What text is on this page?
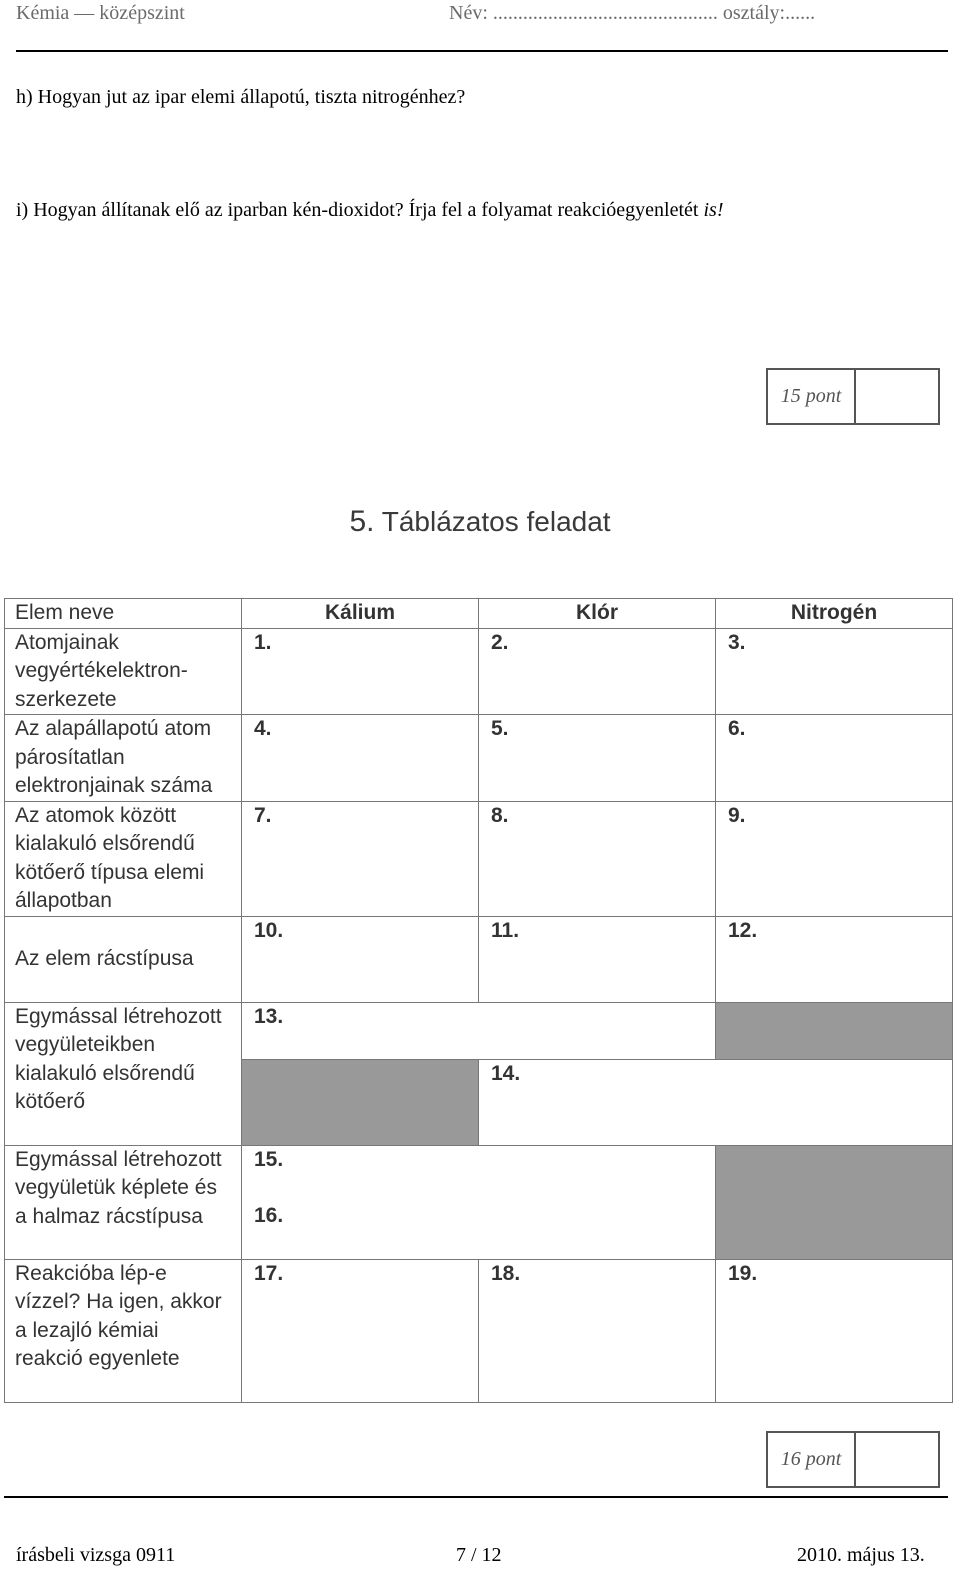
Kémia — középszint	Név: ............................................. osztály:......
h) Hogyan jut az ipar elemi állapotú, tiszta nitrogénhez?
i) Hogyan állítanak elő az iparban kén-dioxidot? Írja fel a folyamat reakcióegyenletét is!
15 pont
5. Táblázatos feladat
Elem neve	Kálium	Klór	Nitrogén
Atomjainak vegyértékelektron-szerkezete	1.	2.	3.
Az alapállapotú atom párosítatlan elektronjainak száma	4.	5.	6.
Az atomok között kialakuló elsőrendű kötőerő típusa elemi állapotban	7.	8.	9.
Az elem rácstípusa	10.	11.	12.
Egymással létrehozott vegyületeikben kialakuló elsőrendű kötőerő	13.		
		14.	
Egymással létrehozott vegyületük képlete és a halmaz rácstípusa	15.		
	16.		
Reakcióba lép-e vízzel? Ha igen, akkor a lezajló kémiai reakció egyenlete	17.	18.	19.
16 pont
írásbeli vizsga 0911	7 / 12	2010. május 13.
